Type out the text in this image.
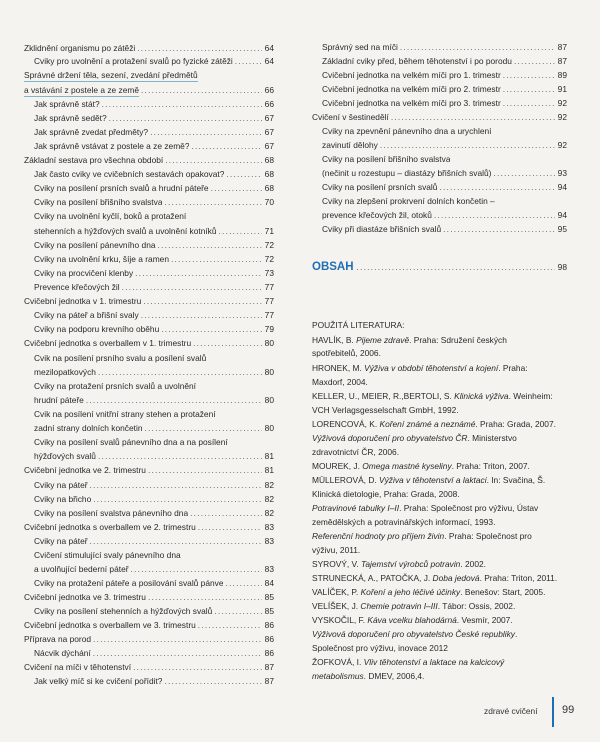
Zklidnění organismu po zátěži .....	64
Cviky pro uvolnění a protažení svalů po fyzické zátěži .....	64
Správné držení těla, sezení, zvedání předmětů
a vstávání z postele a ze země .....	66
Jak správně stát? .....	66
Jak správně sedět? .....	67
Jak správně zvedat předměty? .....	67
Jak správně vstávat z postele a ze země? .....	67
Základní sestava pro všechna období .....	68
Jak často cviky ve cvičebních sestavách opakovat? .....	68
Cviky na posílení prsních svalů a hrudní páteře .....	68
Cviky na posílení břišního svalstva .....	70
Cviky na uvolnění kyčlí, boků a protažení
stehenních a hýžďových svalů a uvolnění kotníků .....	71
Cviky na posílení pánevního dna .....	72
Cviky na uvolnění krku, šíje a ramen .....	72
Cviky na procvičení klenby .....	73
Prevence křečových žil .....	77
Cvičební jednotka v 1. trimestru .....	77
Cviky na páteř a břišní svaly .....	77
Cviky na podporu krevního oběhu .....	79
Cvičební jednotka s overballem v 1. trimestru .....	80
Cvik na posílení prsního svalu a posílení svalů
mezilopatkových .....	80
Cviky na protažení prsních svalů a uvolnění
hrudní páteře .....	80
Cvik na posílení vnitřní strany stehen a protažení
zadní strany dolních končetin .....	80
Cviky na posílení svalů pánevního dna a na posílení
hýžďových svalů .....	81
Cvičební jednotka ve 2. trimestru .....	81
Cviky na páteř .....	82
Cviky na břicho .....	82
Cviky na posílení svalstva pánevního dna .....	82
Cvičební jednotka s overballem ve 2. trimestru .....	83
Cviky na páteř .....	83
Cvičení stimulující svaly pánevního dna
a uvolňující bederní páteř .....	83
Cviky na protažení páteře a posilování svalů pánve .....	84
Cvičební jednotka ve 3. trimestru .....	85
Cviky na posílení stehenních a hýžďových svalů .....	85
Cvičební jednotka s overballem ve 3. trimestru .....	86
Příprava na porod .....	86
Nácvik dýchání .....	86
Cvičení na míči v těhotenství .....	87
Jak velký míč si ke cvičení pořídit? .....	87
Správný sed na míči .....	87
Základní cviky před, během těhotenství i po porodu .....	87
Cvičební jednotka na velkém míči pro 1. trimestr .....	89
Cvičební jednotka na velkém míči pro 2. trimestr .....	91
Cvičební jednotka na velkém míči pro 3. trimestr .....	92
Cvičení v šestinedělí .....	92
Cviky na zpevnění pánevního dna a urychlení
zavinutí dělohy .....	92
Cviky na posílení břišního svalstva
(nečinit u rozestupu – diastázy břišních svalů) .....	93
Cviky na posílení prsních svalů .....	94
Cviky na zlepšení prokrvení dolních končetin –
prevence křečových žil, otoků .....	94
Cviky při diastáze břišních svalů .....	95
OBSAH .....	98
POUŽITÁ LITERATURA:
HAVLÍK, B. Pijeme zdravě. Praha: Sdružení českých
spotřebitelů, 2006.
HRONEK, M. Výživa v období těhotenství a kojení. Praha:
Maxdorf, 2004.
KELLER, U., MEIER, R.,BERTOLI, S. Klinická výživa. Weinheim:
VCH Verlagsgesselschaft GmbH, 1992.
LORENCOVÁ, K. Koření známé a neznámé. Praha: Grada, 2007.
Výživová doporučení pro obyvatelstvo ČR. Ministerstvo
zdravotnictví ČR, 2006.
MOUREK, J. Omega mastné kyseliny. Praha: Triton, 2007.
MÜLLEROVÁ, D. Výživa v těhotenství a laktaci. In: Svačina, Š.
Klinická dietologie, Praha: Grada, 2008.
Potravinové tabulky I–II. Praha: Společnost pro výživu, Ústav
zemědělských a potravinářských informací, 1993.
Referenční hodnoty pro příjem živin. Praha: Společnost pro
výživu, 2011.
SYROVÝ, V. Tajemství výrobců potravin. 2002.
STRUNECKÁ, A., PATOČKA, J. Doba jedová. Praha: Triton, 2011.
VALÍČEK, P. Koření a jeho léčivé účinky. Benešov: Start, 2005.
VELÍŠEK, J. Chemie potravin I–III. Tábor: Ossis, 2002.
VYSKOČIL, F. Káva vcelku blahodárná. Vesmír, 2007.
Výživová doporučení pro obyvatelstvo České republiky.
Společnost pro výživu, inovace 2012
ŽOFKOVÁ, I. Vliv těhotenství a laktace na kalcicový
metabolismus. DMEV, 2006,4.
zdravé cvičení 99
